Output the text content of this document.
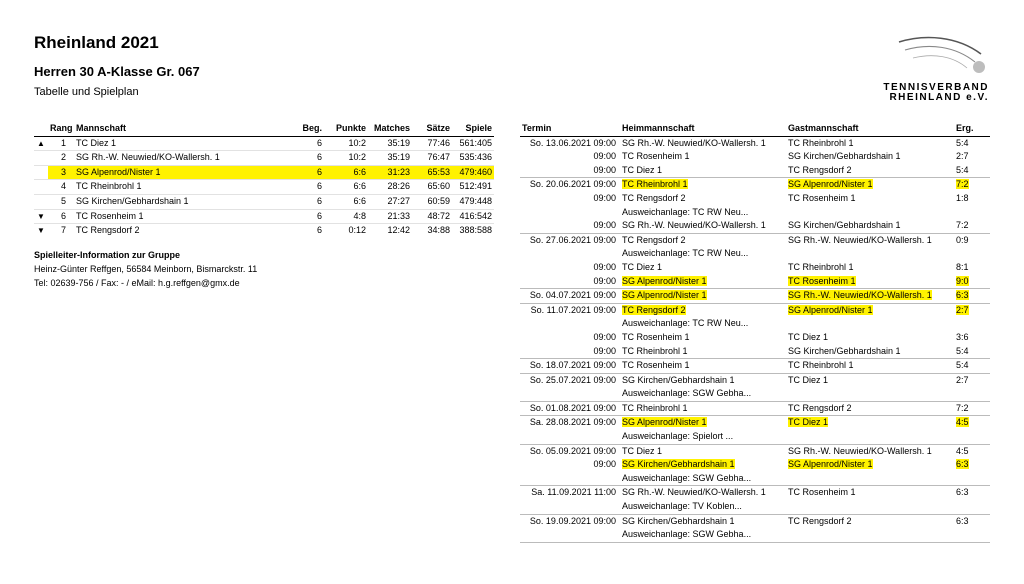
Rheinland 2021
Herren 30 A-Klasse Gr. 067
Tabelle und Spielplan	TENNISVERBAND
RHEINLAND e.V.
	Rang	Mannschaft	Beg.	Punkte	Matches	Sätze	Spiele
▲	1	TC Diez 1	6	10:2	35:19	77:46	561:405
	2	SG Rh.-W. Neuwied/KO-Wallersh. 1	6	10:2	35:19	76:47	535:436
	3	SG Alpenrod/Nister 1	6	6:6	31:23	65:53	479:460
	4	TC Rheinbrohl 1	6	6:6	28:26	65:60	512:491
	5	SG Kirchen/Gebhardshain 1	6	6:6	27:27	60:59	479:448
▼	6	TC Rosenheim 1	6	4:8	21:33	48:72	416:542
▼	7	TC Rengsdorf 2	6	0:12	12:42	34:88	388:588
Spielleiter-Information zur Gruppe
Heinz-Günter Reffgen, 56584 Meinborn, Bismarckstr. 11
Tel: 02639-756 / Fax: - / eMail: h.g.reffgen@gmx.de
Termin	Heimmannschaft	Gastmannschaft	Erg.
So. 13.06.2021 09:00	SG Rh.-W. Neuwied/KO-Wallersh. 1	TC Rheinbrohl 1	5:4
09:00	TC Rosenheim 1	SG Kirchen/Gebhardshain 1	2:7
09:00	TC Diez 1	TC Rengsdorf 2	5:4
So. 20.06.2021 09:00	TC Rheinbrohl 1	SG Alpenrod/Nister 1	7:2
09:00	TC Rengsdorf 2	TC Rosenheim 1	1:8
	Ausweichanlage: TC RW Neu...		
09:00	SG Rh.-W. Neuwied/KO-Wallersh. 1	SG Kirchen/Gebhardshain 1	7:2
So. 27.06.2021 09:00	TC Rengsdorf 2	SG Rh.-W. Neuwied/KO-Wallersh. 1	0:9
	Ausweichanlage: TC RW Neu...		
09:00	TC Diez 1	TC Rheinbrohl 1	8:1
09:00	SG Alpenrod/Nister 1	TC Rosenheim 1	9:0
So. 04.07.2021 09:00	SG Alpenrod/Nister 1	SG Rh.-W. Neuwied/KO-Wallersh. 1	6:3
So. 11.07.2021 09:00	TC Rengsdorf 2	SG Alpenrod/Nister 1	2:7
	Ausweichanlage: TC RW Neu...		
09:00	TC Rosenheim 1	TC Diez 1	3:6
09:00	TC Rheinbrohl 1	SG Kirchen/Gebhardshain 1	5:4
So. 18.07.2021 09:00	TC Rosenheim 1	TC Rheinbrohl 1	5:4
So. 25.07.2021 09:00	SG Kirchen/Gebhardshain 1	TC Diez 1	2:7
	Ausweichanlage: SGW Gebha...		
So. 01.08.2021 09:00	TC Rheinbrohl 1	TC Rengsdorf 2	7:2
Sa. 28.08.2021 09:00	SG Alpenrod/Nister 1	TC Diez 1	4:5
	Ausweichanlage: Spielort ...		
So. 05.09.2021 09:00	TC Diez 1	SG Rh.-W. Neuwied/KO-Wallersh. 1	4:5
09:00	SG Kirchen/Gebhardshain 1	SG Alpenrod/Nister 1	6:3
	Ausweichanlage: SGW Gebha...		
Sa. 11.09.2021 11:00	SG Rh.-W. Neuwied/KO-Wallersh. 1	TC Rosenheim 1	6:3
	Ausweichanlage: TV Koblen...		
So. 19.09.2021 09:00	SG Kirchen/Gebhardshain 1	TC Rengsdorf 2	6:3
	Ausweichanlage: SGW Gebha...		
